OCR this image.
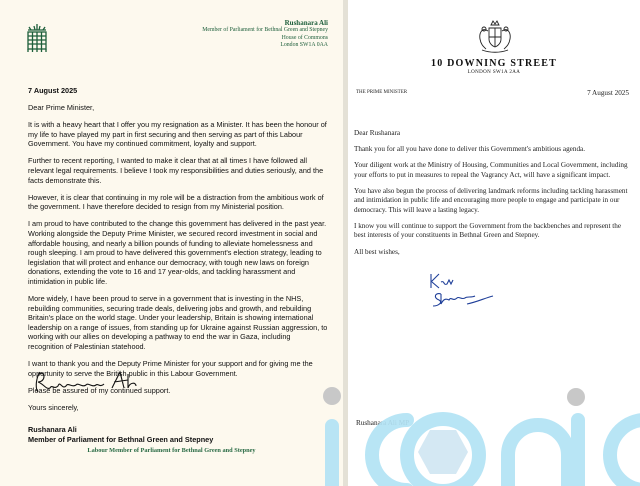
Rushanara Ali
Member of Parliament for Bethnal Green and Stepney
House of Commons
London SW1A 0AA

7 August 2025

Dear Prime Minister,

It is with a heavy heart that I offer you my resignation as a Minister. It has been the honour of my life to have played my part in first securing and then serving as part of this Labour Government. You have my continued commitment, loyalty and support.

Further to recent reporting, I wanted to make it clear that at all times I have followed all relevant legal requirements. I believe I took my responsibilities and duties seriously, and the facts demonstrate this.

However, it is clear that continuing in my role will be a distraction from the ambitious work of the government. I have therefore decided to resign from my Ministerial position.

I am proud to have contributed to the change this government has delivered in the past year. Working alongside the Deputy Prime Minister, we secured record investment in social and affordable housing, and nearly a billion pounds of funding to alleviate homelessness and rough sleeping. I am proud to have delivered this government's election strategy, leading to legislation that will protect and enhance our democracy, with tough new laws on foreign donations, extending the vote to 16 and 17 year-olds, and tackling harassment and intimidation in public life.

More widely, I have been proud to serve in a government that is investing in the NHS, rebuilding communities, securing trade deals, delivering jobs and growth, and rebuilding Britain's place on the world stage. Under your leadership, Britain is showing international leadership on a range of issues, from standing up for Ukraine against Russian aggression, to working with our allies on developing a pathway to end the war in Gaza, including recognition of Palestinian statehood.

I want to thank you and the Deputy Prime Minister for your support and for giving me the opportunity to serve the British public in this Labour Government.

Please be assured of my continued support.

Yours sincerely,

Rushanara Ali
Member of Parliament for Bethnal Green and Stepney
Labour Member of Parliament for Bethnal Green and Stepney
10 DOWNING STREET
LONDON SW1A 2AA
THE PRIME MINISTER	7 August 2025

Dear Rushanara

Thank you for all you have done to deliver this Government's ambitious agenda.

Your diligent work at the Ministry of Housing, Communities and Local Government, including your efforts to put in measures to repeal the Vagrancy Act, will have a significant impact.

You have also begun the process of delivering landmark reforms including tackling harassment and intimidation in public life and encouraging more people to engage and participate in our democracy. This will leave a lasting legacy.

I know you will continue to support the Government from the backbenches and represent the best interests of your constituents in Bethnal Green and Stepney.

All best wishes,

Rushanara Ali MP
